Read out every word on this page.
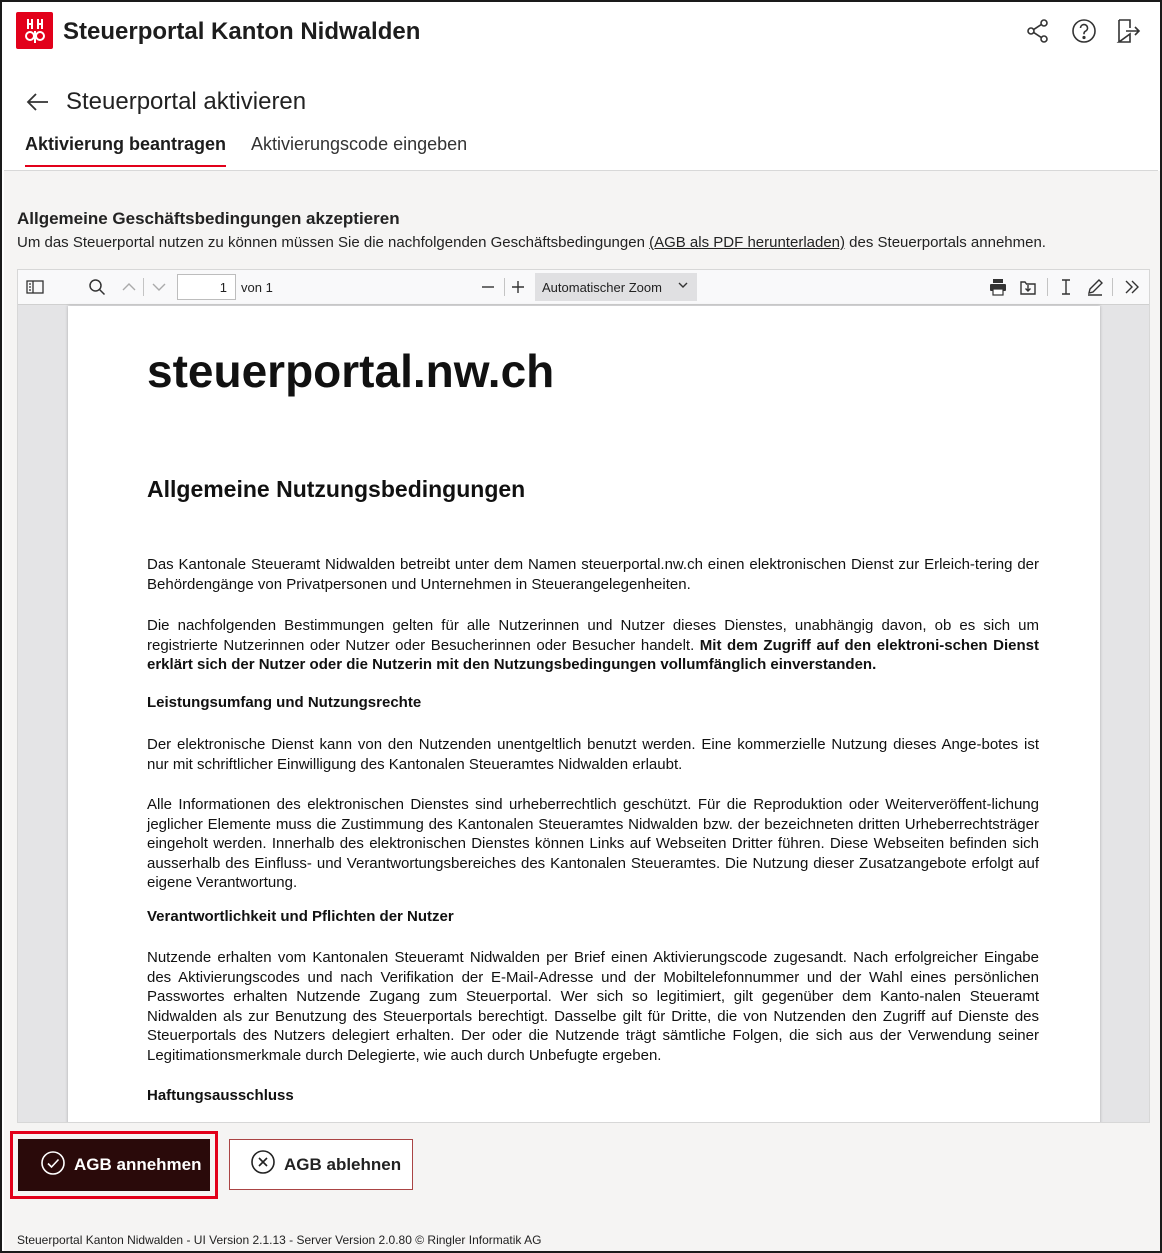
Steuerportal Kanton Nidwalden
Steuerportal aktivieren
Aktivierung beantragen Aktivierungscode eingeben
Allgemeine Geschäftsbedingungen akzeptieren
Um das Steuerportal nutzen zu können müssen Sie die nachfolgenden Geschäftsbedingungen (AGB als PDF herunterladen) des Steuerportals annehmen.
1
von 1	Automatischer Zoom
steuerportal.nw.ch
Allgemeine Nutzungsbedingungen
Das Kantonale Steueramt Nidwalden betreibt unter dem Namen steuerportal.nw.ch einen elektronischen Dienst zur Erleich-tering der Behördengänge von Privatpersonen und Unternehmen in Steuerangelegenheiten.
Die nachfolgenden Bestimmungen gelten für alle Nutzerinnen und Nutzer dieses Dienstes, unabhängig davon, ob es sich um registrierte Nutzerinnen oder Nutzer oder Besucherinnen oder Besucher handelt. Mit dem Zugriff auf den elektroni-schen Dienst erklärt sich der Nutzer oder die Nutzerin mit den Nutzungsbedingungen vollumfänglich einverstanden.
Leistungsumfang und Nutzungsrechte
Der elektronische Dienst kann von den Nutzenden unentgeltlich benutzt werden. Eine kommerzielle Nutzung dieses Ange-botes ist nur mit schriftlicher Einwilligung des Kantonalen Steueramtes Nidwalden erlaubt.
Alle Informationen des elektronischen Dienstes sind urheberrechtlich geschützt. Für die Reproduktion oder Weiterveröffent-lichung jeglicher Elemente muss die Zustimmung des Kantonalen Steueramtes Nidwalden bzw. der bezeichneten dritten Urheberrechtsträger eingeholt werden. Innerhalb des elektronischen Dienstes können Links auf Webseiten Dritter führen. Diese Webseiten befinden sich ausserhalb des Einfluss- und Verantwortungsbereiches des Kantonalen Steueramtes. Die Nutzung dieser Zusatzangebote erfolgt auf eigene Verantwortung.
Verantwortlichkeit und Pflichten der Nutzer
Nutzende erhalten vom Kantonalen Steueramt Nidwalden per Brief einen Aktivierungscode zugesandt. Nach erfolgreicher Eingabe des Aktivierungscodes und nach Verifikation der E-Mail-Adresse und der Mobiltelefonnummer und der Wahl eines persönlichen Passwortes erhalten Nutzende Zugang zum Steuerportal. Wer sich so legitimiert, gilt gegenüber dem Kanto-nalen Steueramt Nidwalden als zur Benutzung des Steuerportals berechtigt. Dasselbe gilt für Dritte, die von Nutzenden den Zugriff auf Dienste des Steuerportals des Nutzers delegiert erhalten. Der oder die Nutzende trägt sämtliche Folgen, die sich aus der Verwendung seiner Legitimationsmerkmale durch Delegierte, wie auch durch Unbefugte ergeben.
Haftungsausschluss
AGB annehmen	AGB ablehnen
Steuerportal Kanton Nidwalden - UI Version 2.1.13 - Server Version 2.0.80 © Ringler Informatik AG
